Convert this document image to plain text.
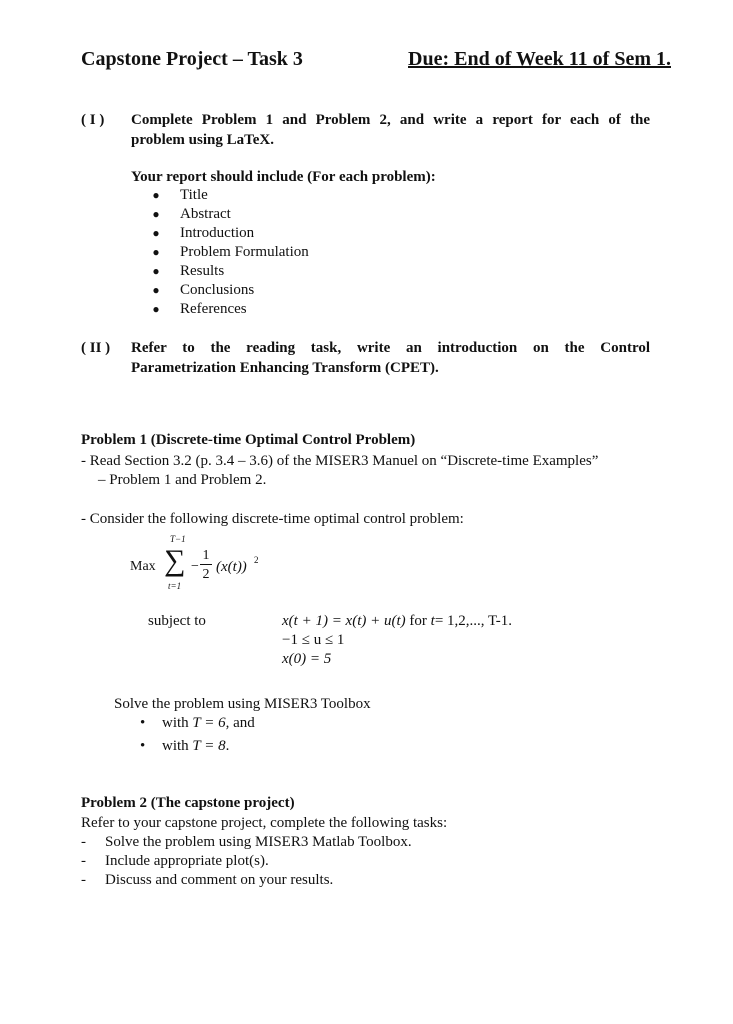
Capstone Project – Task 3	Due: End of Week 11 of Sem 1.
( I ) Complete Problem 1 and Problem 2, and write a report for each of the
problem using LaTeX.
Your report should include (For each problem):
● Title
● Abstract
● Introduction
● Problem Formulation
● Results
● Conclusions
● References
( II ) Refer to the reading task, write an introduction on the Control
Parametrization Enhancing Transform (CPET).
Problem 1 (Discrete-time Optimal Control Problem)
- Read Section 3.2 (p. 3.4 – 3.6) of the MISER3 Manuel on “Discrete-time Examples”
– Problem 1 and Problem 2.
- Consider the following discrete-time optimal control problem:
Max
T−1
∑
t=1
−
1
2 (x(t)) 2
subject to	x(t + 1) = x(t) + u(t) for t= 1,2,..., T-1.
−1 ≤ u ≤ 1
x(0) = 5
Solve the problem using MISER3 Toolbox
• with T = 6, and
• with T = 8.
Problem 2 (The capstone project)
Refer to your capstone project, complete the following tasks:
- Solve the problem using MISER3 Matlab Toolbox.
- Include appropriate plot(s).
- Discuss and comment on your results.
